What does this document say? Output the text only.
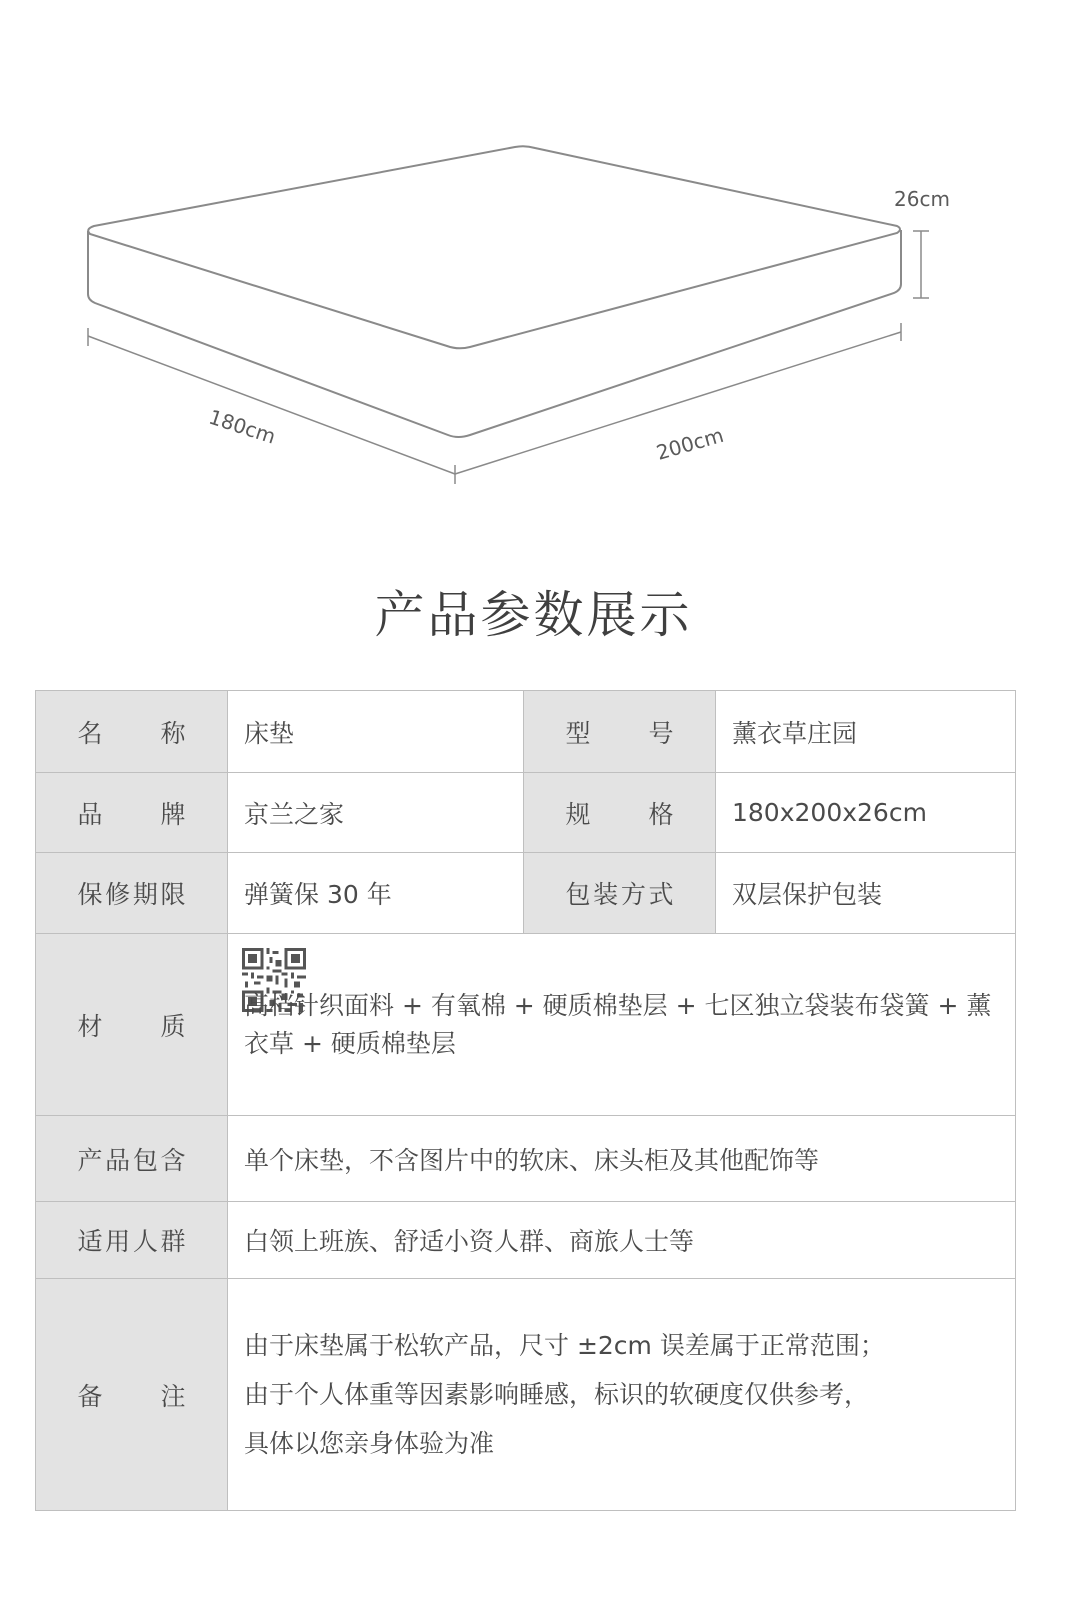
26cm
180cm	200cm
产品参数展示
名 称	床垫	型 号	薰衣草庄园

品 牌	京兰之家	规 格	180x200x26cm

保修期限	弹簧保 30 年	包装方式	双层保护包装

材 质	高档针织面料 + 有氧棉 + 硬质棉垫层 + 七区独立袋装布袋簧 + 薰衣草 + 硬质棉垫层		

产品包含	单个床垫，不含图片中的软床、床头柜及其他配饰等		

适用人群	白领上班族、舒适小资人群、商旅人士等		

备 注	由于床垫属于松软产品，尺寸 ±2cm 误差属于正常范围；
由于个人体重等因素影响睡感，标识的软硬度仅供参考，
具体以您亲身体验为准		
